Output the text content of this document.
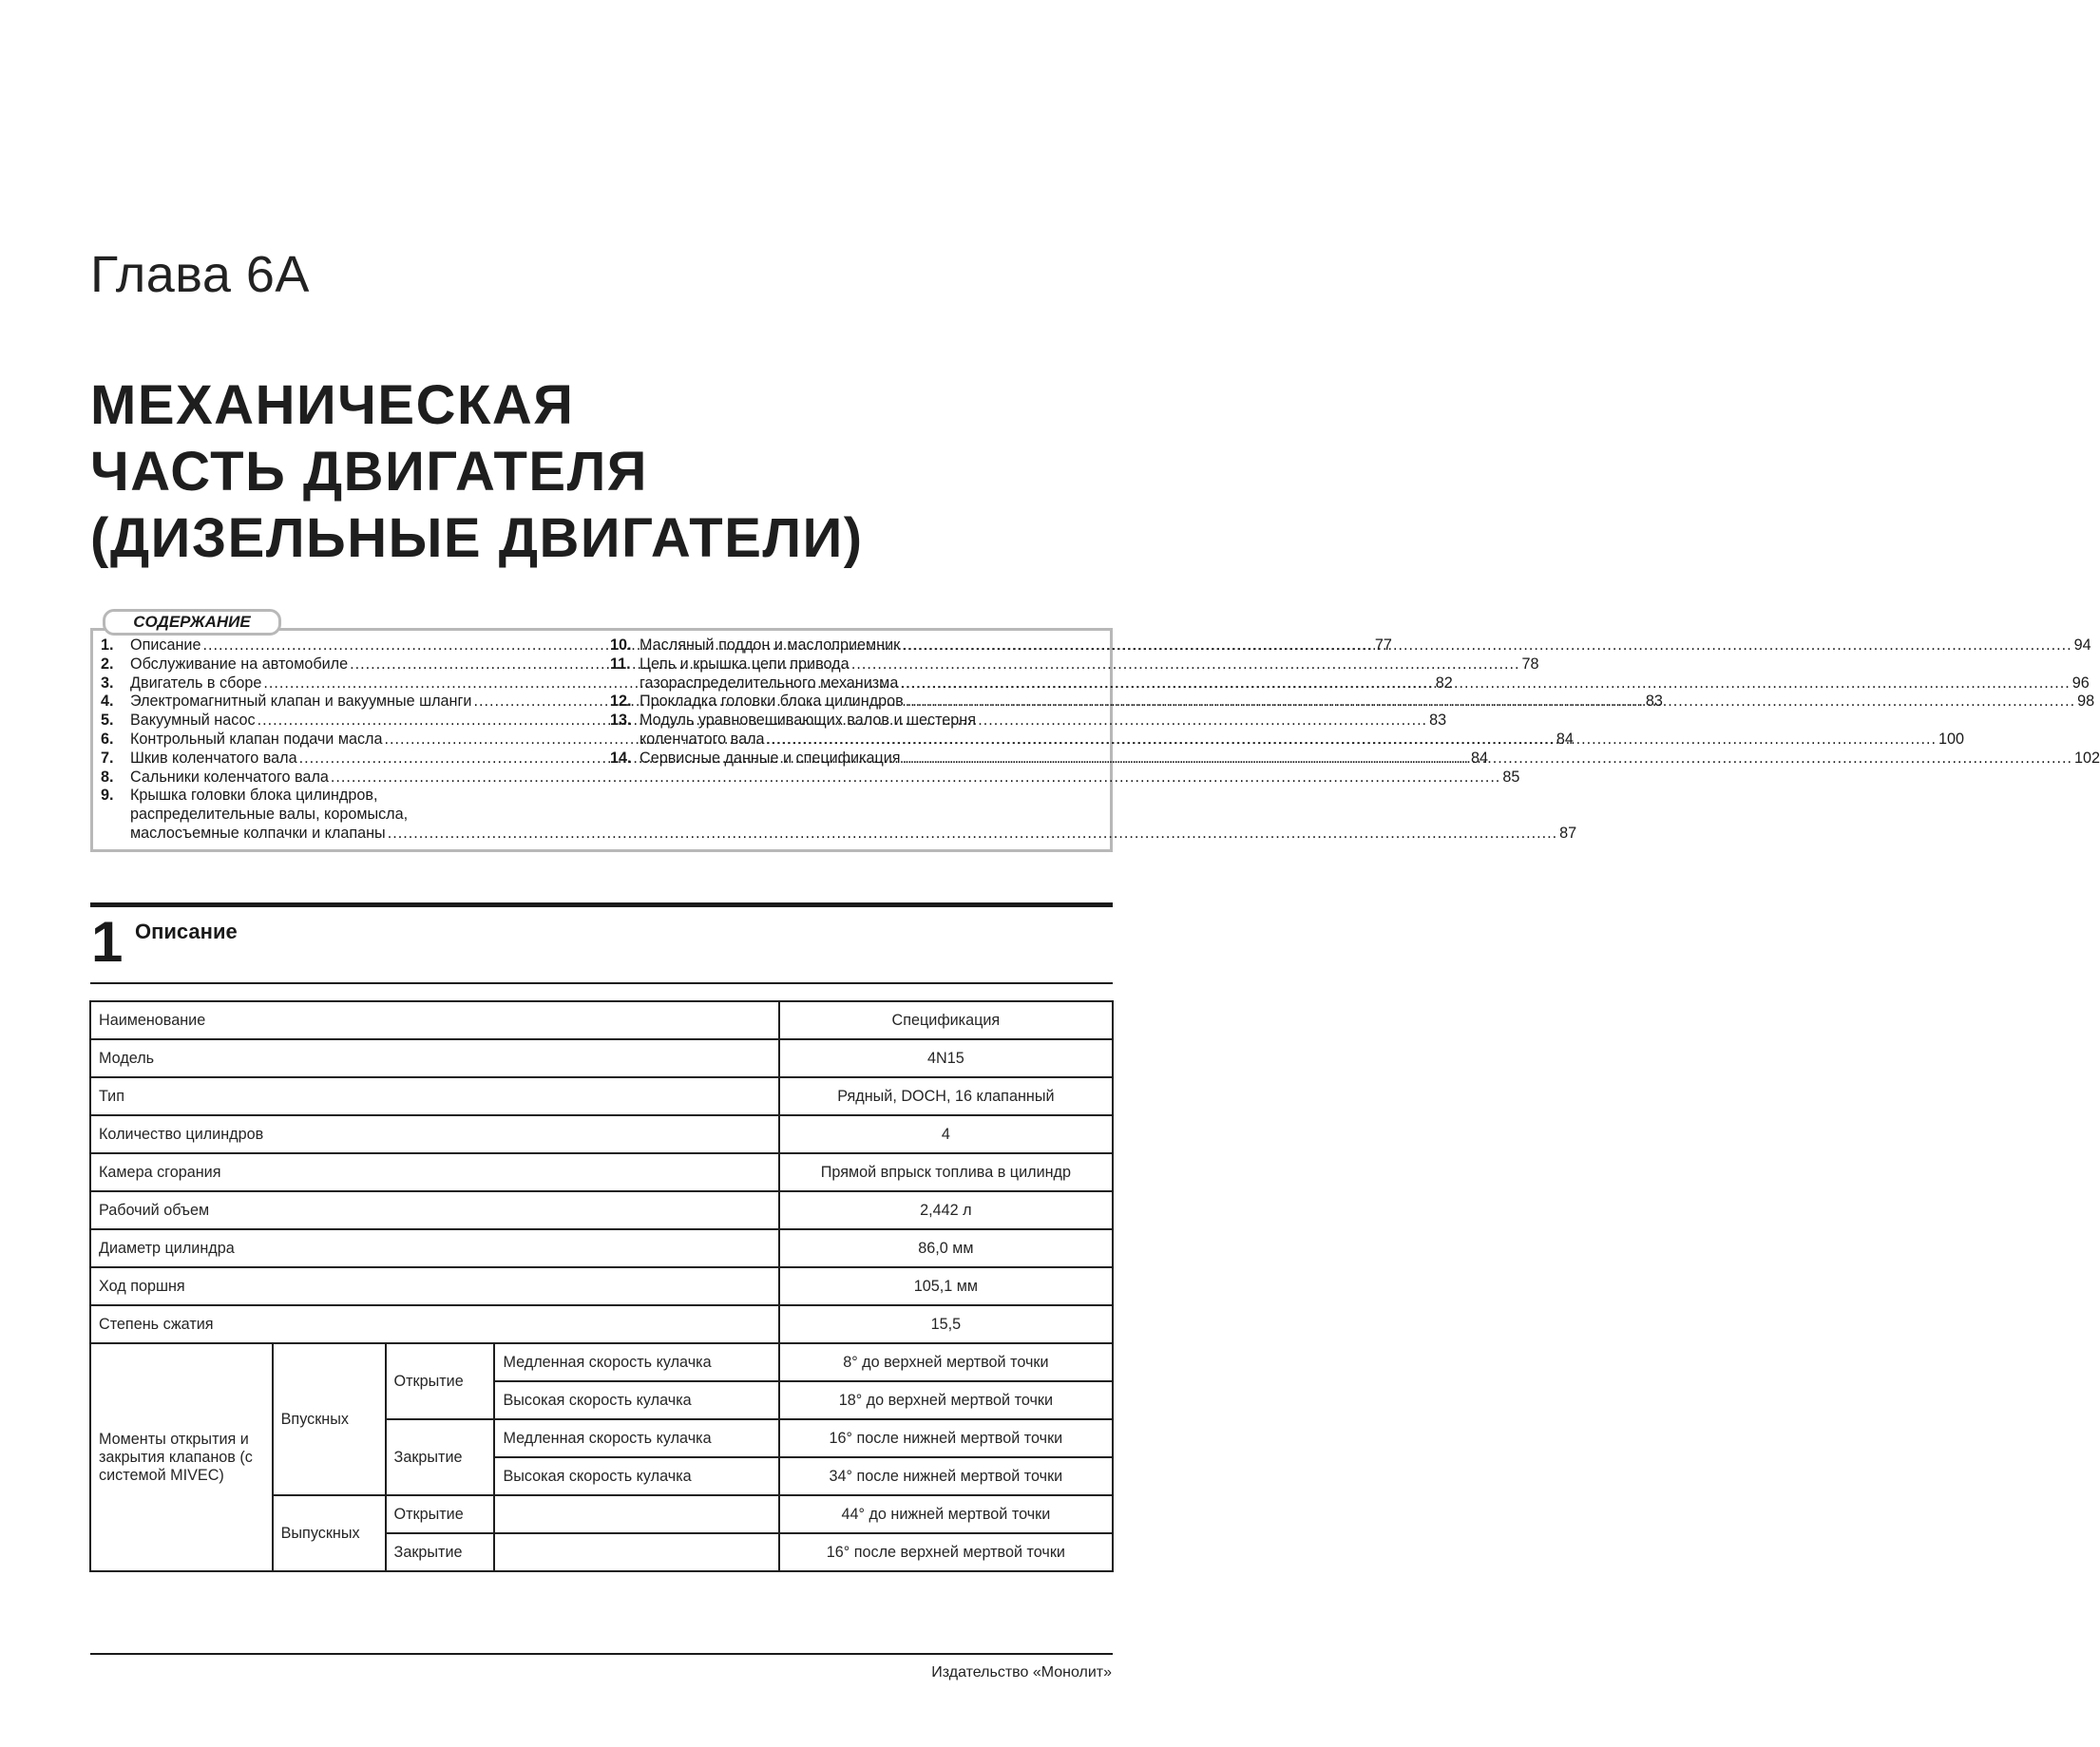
Глава 6А
МЕХАНИЧЕСКАЯ
ЧАСТЬ ДВИГАТЕЛЯ
(ДИЗЕЛЬНЫЕ ДВИГАТЕЛИ)
СОДЕРЖАНИЕ
1.	Описание .....	77
2.	Обслуживание на автомобиле .....	78
3.	Двигатель в сборе .....	82
4.	Электромагнитный клапан и вакуумные шланги .....	83
5.	Вакуумный насос .....	83
6.	Контрольный клапан подачи масла .....	84
7.	Шкив коленчатого вала .....	84
8.	Сальники коленчатого вала .....	85
9.	Крышка головки блока цилиндров,
распределительные валы, коромысла,
маслосъемные колпачки и клапаны .....	87
10. Масляный поддон и маслоприемник .....	94
11. Цепь и крышка цепи привода
газораспределительного механизма .....	96
12. Прокладка головки блока цилиндров .....	98
13. Модуль уравновешивающих валов и шестерня
коленчатого вала .....	100
14. Сервисные данные и спецификация .....	102
1 Описание
Наименование				Спецификация
Модель				4N15
Тип				Рядный, DOCH, 16 клапанный
Количество цилиндров				4
Камера сгорания				Прямой впрыск топлива в цилиндр
Рабочий объем				2,442 л
Диаметр цилиндра				86,0 мм
Ход поршня				105,1 мм
Степень сжатия				15,5
Моменты открытия и закрытия клапанов (с системой MIVEC)	Впускных	Открытие	Медленная скорость кулачка	8° до верхней мертвой точки
			Высокая скорость кулачка	18° до верхней мертвой точки
		Закрытие	Медленная скорость кулачка	16° после нижней мертвой точки
			Высокая скорость кулачка	34° после нижней мертвой точки
	Выпускных	Открытие		44° до нижней мертвой точки
		Закрытие		16° после верхней мертвой точки
Издательство «Монолит»
